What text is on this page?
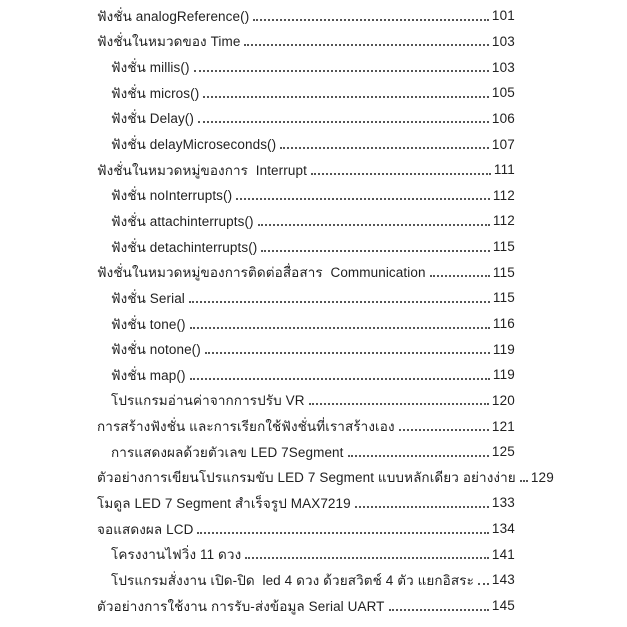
ฟังชั่น analogReference()	101
ฟังชั่นในหมวดของ Time	103
ฟังชั่น millis()	103
ฟังชั่น micros()	105
ฟังชั่น Delay()	106
ฟังชั่น delayMicroseconds()	107
ฟังชั่นในหมวดหมู่ของการ  Interrupt	111
ฟังชั่น noInterrupts()	112
ฟังชั่น attachinterrupts()	112
ฟังชั่น detachinterrupts()	115
ฟังชั่นในหมวดหมู่ของการติดต่อสื่อสาร  Communication	115
ฟังชั่น Serial	115
ฟังชั่น tone()	116
ฟังชั่น notone()	119
ฟังชั่น map()	119
โปรแกรมอ่านค่าจากการปรับ VR	120
การสร้างฟังชั่น และการเรียกใช้ฟังชั่นที่เราสร้างเอง	121
การแสดงผลด้วยตัวเลข LED 7Segment	125
ตัวอย่างการเขียนโปรแกรมขับ LED 7 Segment แบบหลักเดียว อย่างง่าย 129
โมดูล LED 7 Segment สำเร็จรูป MAX7219	133
จอแสดงผล LCD	134
โครงงานไฟวิ่ง 11 ดวง	141
โปรแกรมสั่งงาน เปิด-ปิด  led 4 ดวง ด้วยสวิตช์ 4 ตัว แยกอิสระ 143
ตัวอย่างการใช้งาน การรับ-ส่งข้อมูล Serial UART	145
